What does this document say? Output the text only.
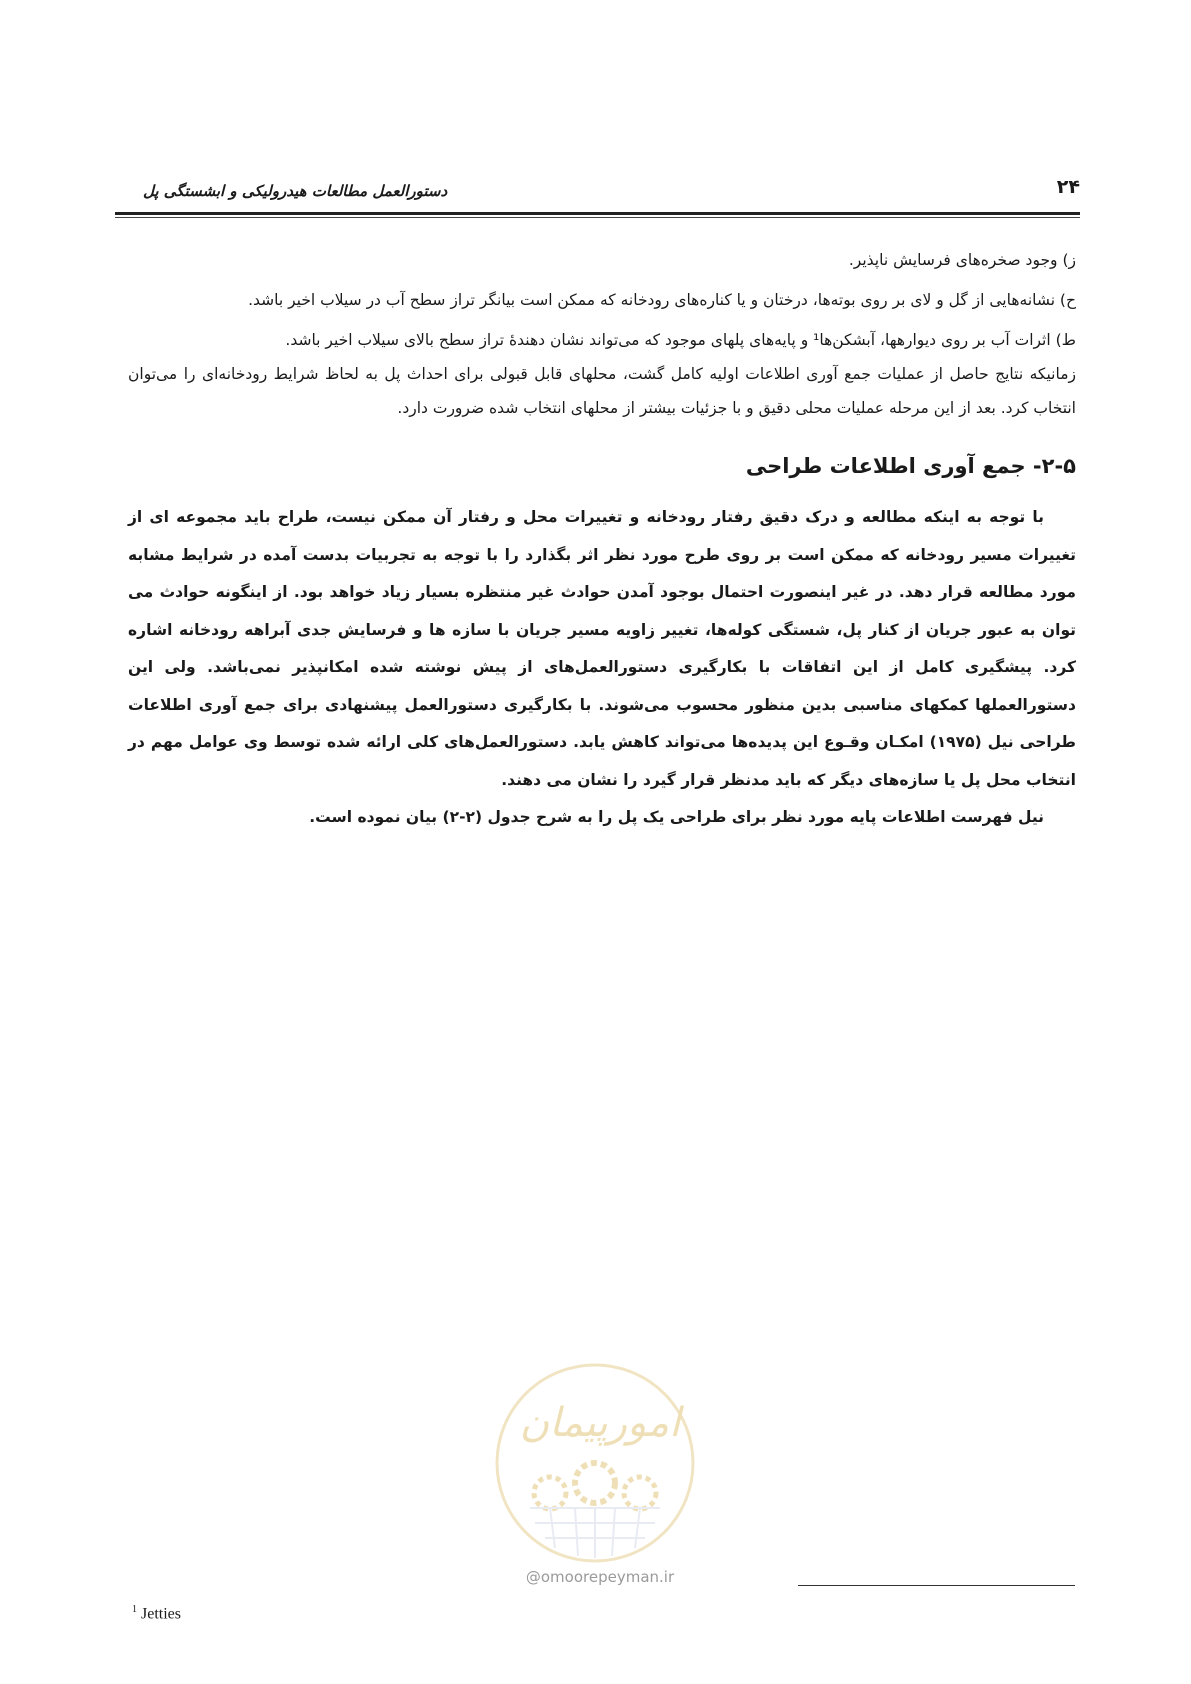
۲۴
دستورالعمل مطالعات هیدرولیکی و ابشستگی پل

ز) وجود صخره‌های فرسایش ناپذیر.

ح) نشانه‌هایی از گل و لای بر روی بوته‌ها، درختان و یا کناره‌های رودخانه که ممکن است بیانگر تراز سطح آب در سیلاب اخیر باشد.

ط) اثرات آب بر روی دیوارهها، آبشکن‌ها¹ و پایه‌های پلهای موجود که می‌تواند نشان دهندهٔ تراز سطح بالای سیلاب اخیر باشد.

زمانیکه نتایج حاصل از عملیات جمع آوری اطلاعات اولیه کامل گشت، محلهای قابل قبولی برای احداث پل به لحاظ شرایط رودخانه‌ای را می‌توان انتخاب کرد. بعد از این مرحله عملیات محلی دقیق و با جزئیات بیشتر از محلهای انتخاب شده ضرورت دارد.

۲-۵- جمع آوری اطلاعات طراحی

با توجه به اینکه مطالعه و درک دقیق رفتار رودخانه و تغییرات محل و رفتار آن ممکن نیست، طراح باید مجموعه ای از تغییرات مسیر رودخانه که ممکن است بر روی طرح مورد نظر اثر بگذارد را با توجه به تجربیات بدست آمده در شرایط مشابه مورد مطالعه قرار دهد. در غیر اینصورت احتمال بوجود آمدن حوادث غیر منتظره بسیار زیاد خواهد بود. از اینگونه حوادث می توان به عبور جریان از کنار پل، شستگی کوله‌ها، تغییر زاویه مسیر جریان با سازه ها و فرسایش جدی آبراهه رودخانه اشاره کرد. پیشگیری کامل از این اتفاقات با بکارگیری دستورالعمل‌های از پیش نوشته شده امکانپذیر نمی‌باشد. ولی این دستورالعملها کمکهای مناسبی بدین منظور محسوب می‌شوند. با بکارگیری دستورالعمل پیشنهادی برای جمع آوری اطلاعات طراحی نیل (۱۹۷۵) امکـان وقـوع این پدیده‌ها می‌تواند کاهش یابد. دستورالعمل‌های کلی ارائه شده توسط وی عوامل مهم در انتخاب محل پل یا سازه‌های دیگر که باید مدنظر قرار گیرد را نشان می دهند.

نیل فهرست اطلاعات پایه مورد نظر برای طراحی یک پل را به شرح جدول (۲-۲) بیان نموده است.

امورپیمان
@omoorepeyman.ir
$^1$ Jetties
